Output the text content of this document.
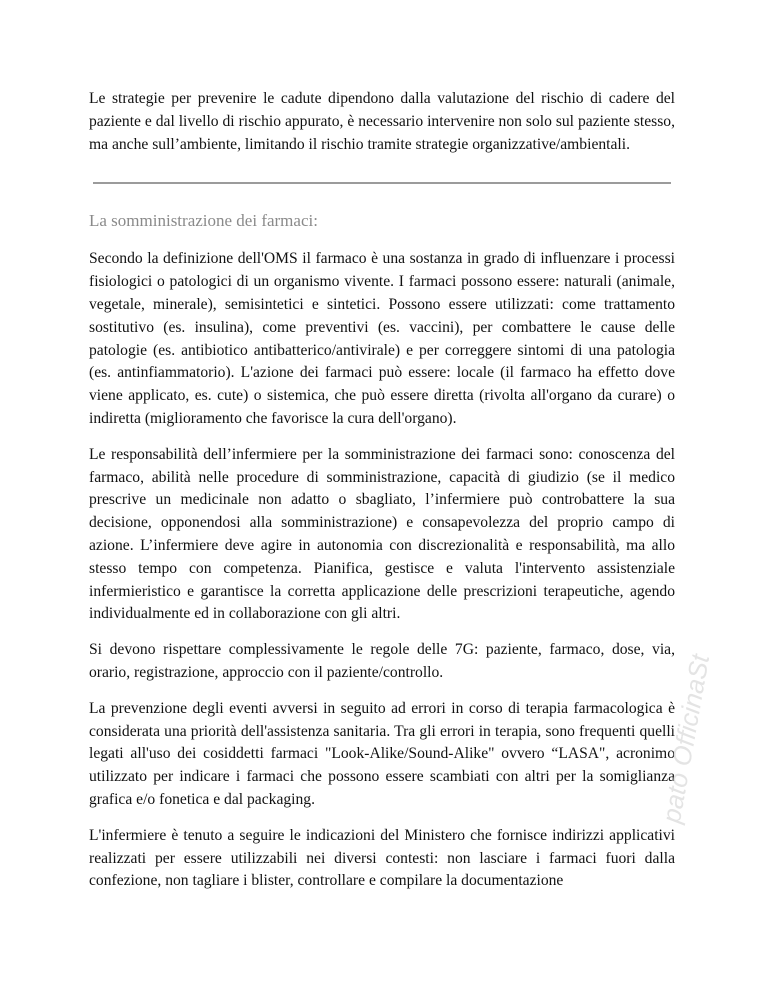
Le strategie per prevenire le cadute dipendono dalla valutazione del rischio di cadere del paziente e dal livello di rischio appurato, è necessario intervenire non solo sul paziente stesso, ma anche sull’ambiente, limitando il rischio tramite strategie organizzative/ambientali.

La somministrazione dei farmaci:

Secondo la definizione dell'OMS il farmaco è una sostanza in grado di influenzare i processi fisiologici o patologici di un organismo vivente. I farmaci possono essere: naturali (animale, vegetale, minerale), semisintetici e sintetici. Possono essere utilizzati: come trattamento sostitutivo (es. insulina), come preventivi (es. vaccini), per combattere le cause delle patologie (es. antibiotico antibatterico/antivirale) e per correggere sintomi di una patologia (es. antinfiammatorio). L'azione dei farmaci può essere: locale (il farmaco ha effetto dove viene applicato, es. cute) o sistemica, che può essere diretta (rivolta all'organo da curare) o indiretta (miglioramento che favorisce la cura dell'organo).

Le responsabilità dell’infermiere per la somministrazione dei farmaci sono: conoscenza del farmaco, abilità nelle procedure di somministrazione, capacità di giudizio (se il medico prescrive un medicinale non adatto o sbagliato, l’infermiere può controbattere la sua decisione, opponendosi alla somministrazione) e consapevolezza del proprio campo di azione. L’infermiere deve agire in autonomia con discrezionalità e responsabilità, ma allo stesso tempo con competenza. Pianifica, gestisce e valuta l'intervento assistenziale infermieristico e garantisce la corretta applicazione delle prescrizioni terapeutiche, agendo individualmente ed in collaborazione con gli altri.

Si devono rispettare complessivamente le regole delle 7G: paziente, farmaco, dose, via, orario, registrazione, approccio con il paziente/controllo.

La prevenzione degli eventi avversi in seguito ad errori in corso di terapia farmacologica è considerata una priorità dell'assistenza sanitaria. Tra gli errori in terapia, sono frequenti quelli legati all'uso dei cosiddetti farmaci "Look-Alike/Sound-Alike" ovvero “LASA", acronimo utilizzato per indicare i farmaci che possono essere scambiati con altri per la somiglianza grafica e/o fonetica e dal packaging.

L'infermiere è tenuto a seguire le indicazioni del Ministero che fornisce indirizzi applicativi realizzati per essere utilizzabili nei diversi contesti: non lasciare i farmaci fuori dalla confezione, non tagliare i blister, controllare e compilare la documentazione

pato OfficinaSt
